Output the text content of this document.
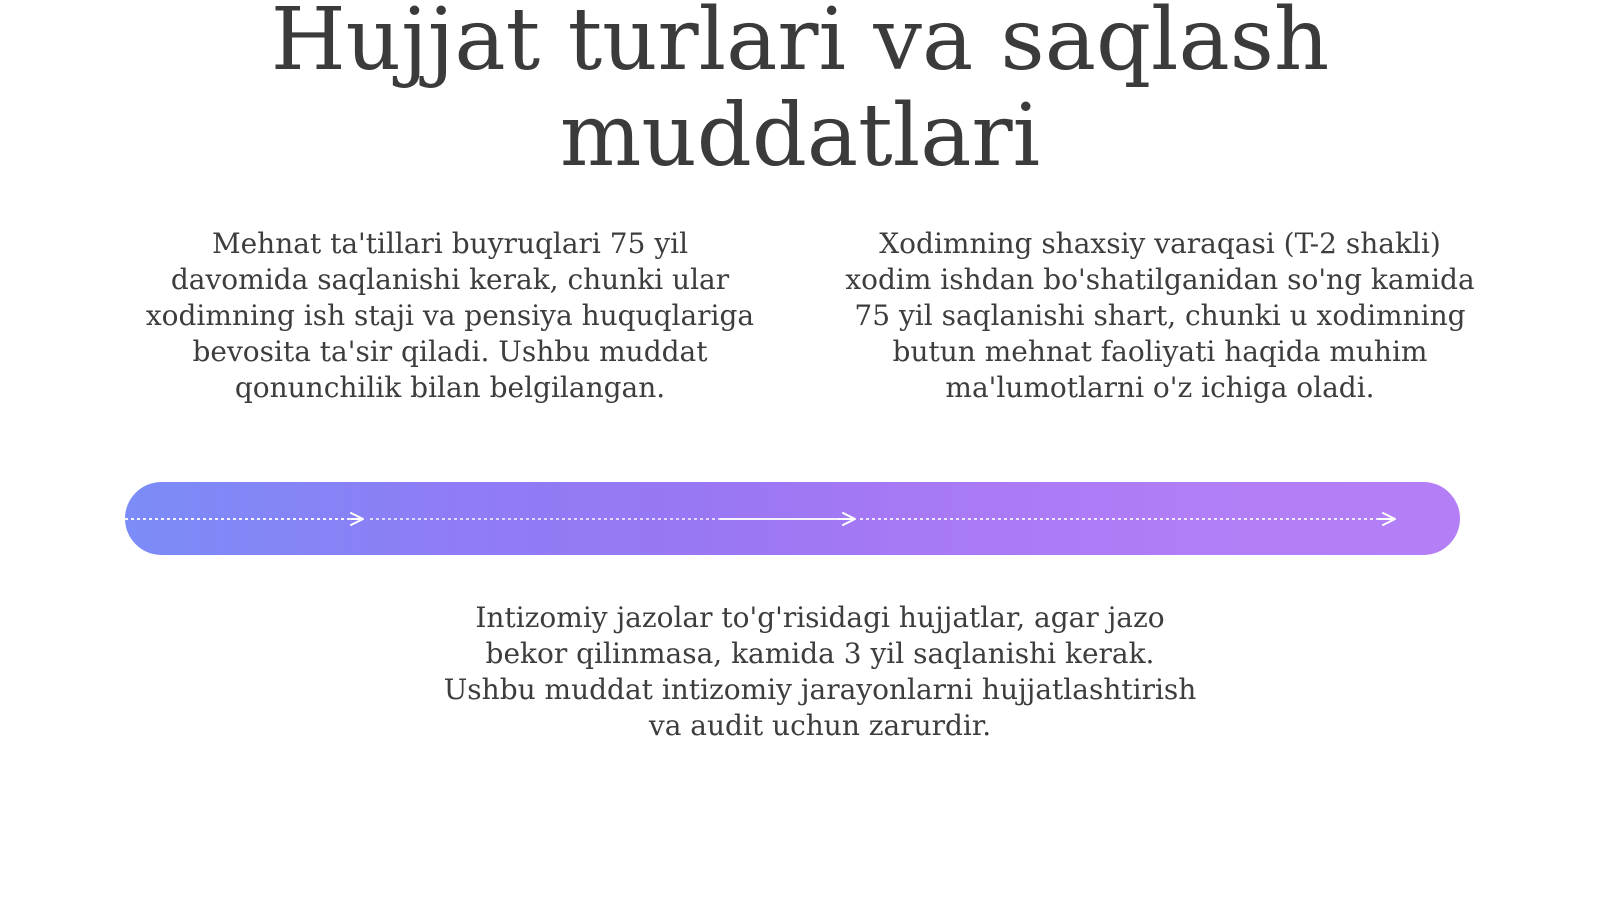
Hujjat turlari va saqlash muddatlari

Mehnat ta'tillari buyruqlari 75 yil davomida saqlanishi kerak, chunki ular xodimning ish staji va pensiya huquqlariga bevosita ta'sir qiladi. Ushbu muddat qonunchilik bilan belgilangan.

Xodimning shaxsiy varaqasi (T-2 shakli) xodim ishdan bo'shatilganidan so'ng kamida 75 yil saqlanishi shart, chunki u xodimning butun mehnat faoliyati haqida muhim ma'lumotlarni o'z ichiga oladi.

Intizomiy jazolar to'g'risidagi hujjatlar, agar jazo bekor qilinmasa, kamida 3 yil saqlanishi kerak. Ushbu muddat intizomiy jarayonlarni hujjatlashtirish va audit uchun zarurdir.
